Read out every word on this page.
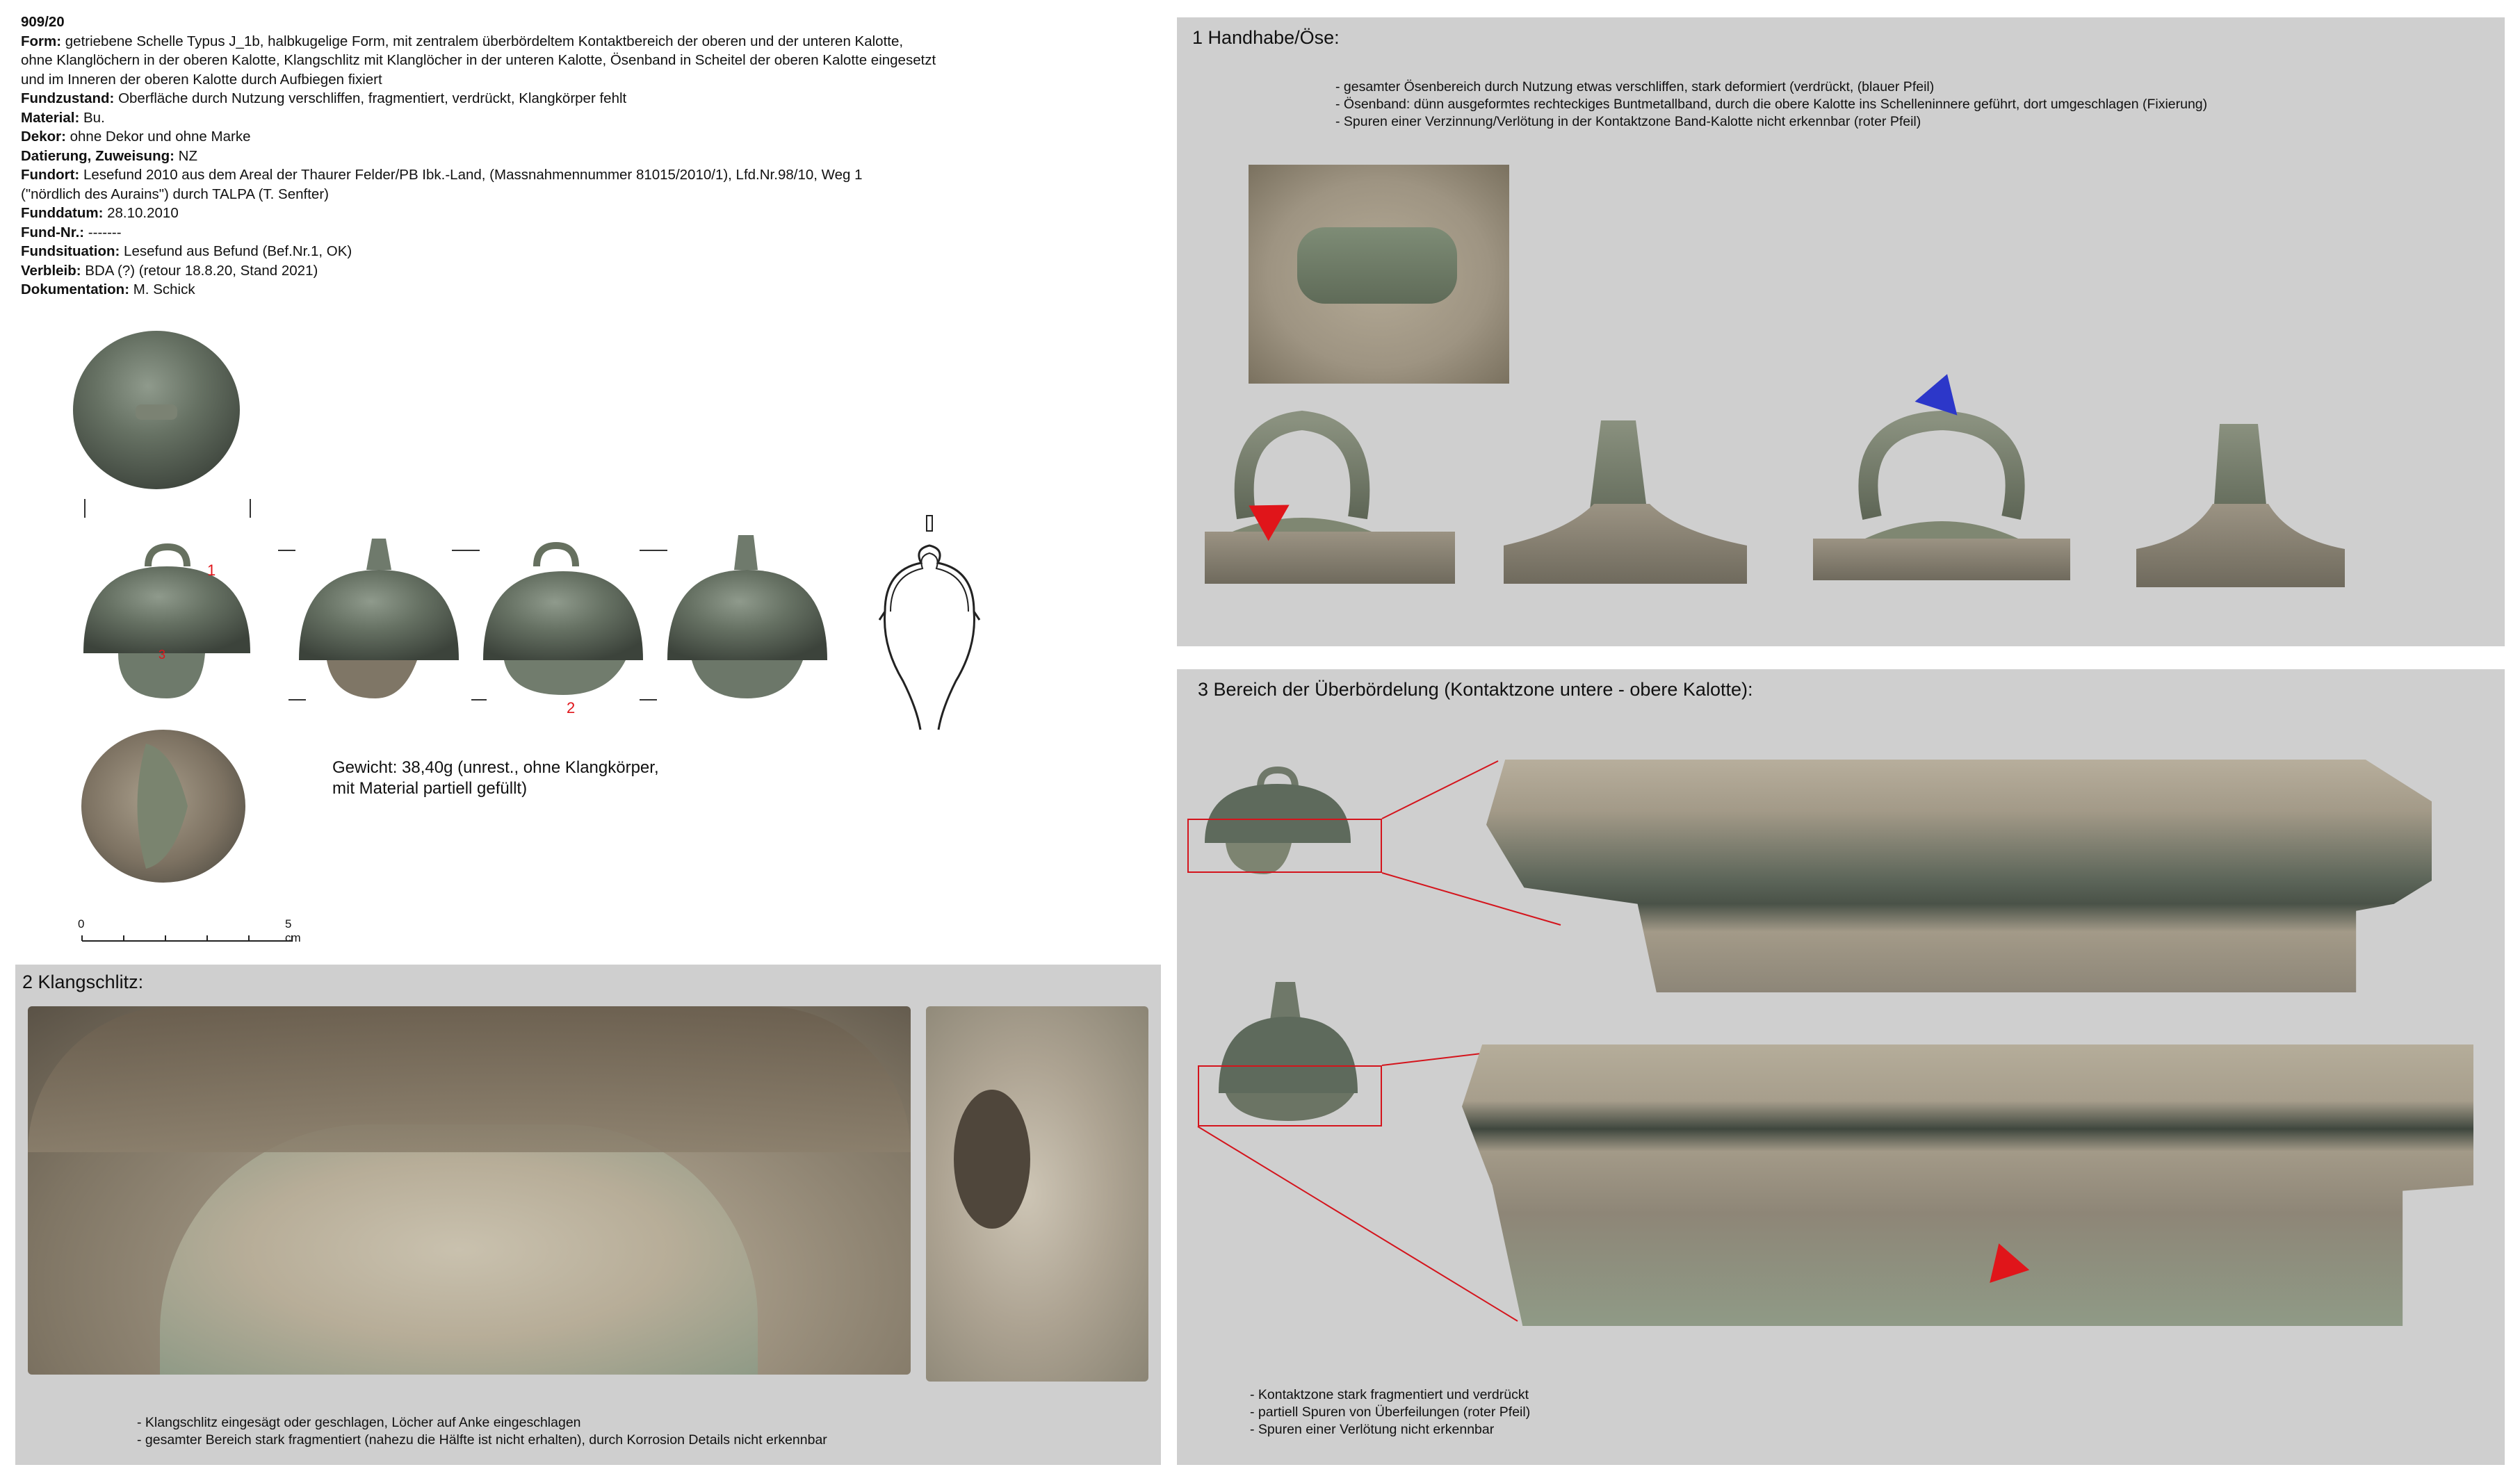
909/20

Form: getriebene Schelle Typus J_1b, halbkugelige Form, mit zentralem überbördeltem Kontaktbereich der oberen und der unteren Kalotte,

ohne Klanglöchern in der oberen Kalotte, Klangschlitz mit Klanglöcher in der unteren Kalotte, Ösenband in Scheitel der oberen Kalotte eingesetzt

und im Inneren der oberen Kalotte durch Aufbiegen fixiert

Fundzustand: Oberfläche durch Nutzung verschliffen, fragmentiert, verdrückt, Klangkörper fehlt

Material: Bu.

Dekor: ohne Dekor und ohne Marke

Datierung, Zuweisung: NZ

Fundort: Lesefund 2010 aus dem Areal der Thaurer Felder/PB Ibk.-Land, (Massnahmennummer 81015/2010/1), Lfd.Nr.98/10, Weg 1

("nördlich des Aurains") durch TALPA (T. Senfter)

Funddatum: 28.10.2010

Fund-Nr.: -------

Fundsituation: Lesefund aus Befund (Bef.Nr.1, OK)

Verbleib: BDA (?) (retour 18.8.20, Stand 2021)

Dokumentation: M. Schick

1
3
2
Gewicht: 38,40g (unrest., ohne Klangkörper,
mit Material partiell gefüllt)
0	5 cm
2 Klangschlitz:
- Klangschlitz eingesägt oder geschlagen, Löcher auf Anke eingeschlagen
- gesamter Bereich stark fragmentiert (nahezu die Hälfte ist nicht erhalten), durch Korrosion Details nicht erkennbar
1 Handhabe/Öse:
- gesamter Ösenbereich durch Nutzung etwas verschliffen, stark deformiert (verdrückt, (blauer Pfeil)
- Ösenband: dünn ausgeformtes rechteckiges Buntmetallband, durch die obere Kalotte ins Schelleninnere geführt, dort umgeschlagen (Fixierung)
- Spuren einer Verzinnung/Verlötung in der Kontaktzone Band-Kalotte nicht erkennbar (roter Pfeil)
3 Bereich der Überbördelung (Kontaktzone untere - obere Kalotte):
- Kontaktzone stark fragmentiert und verdrückt
- partiell Spuren von Überfeilungen (roter Pfeil)
- Spuren einer Verlötung nicht erkennbar
